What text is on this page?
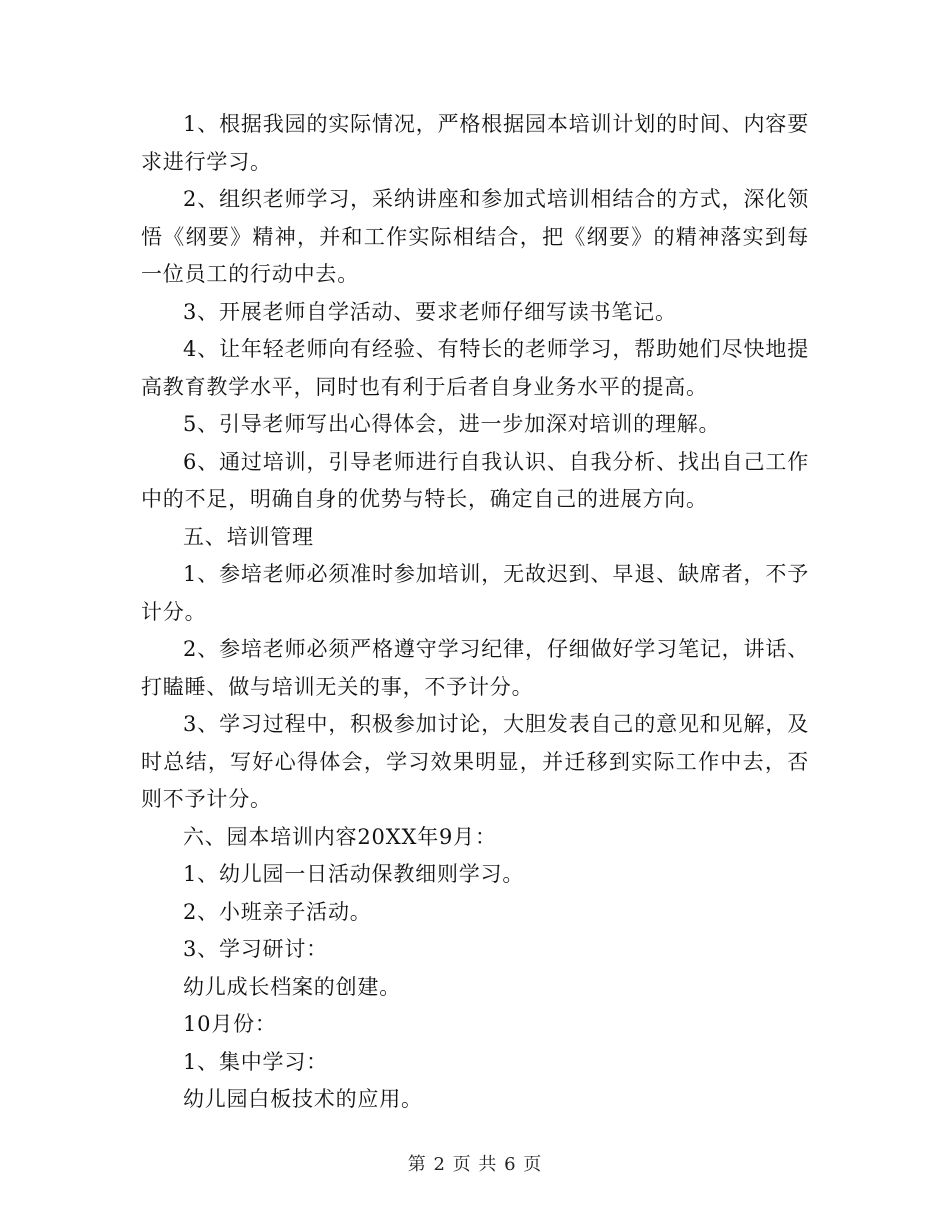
1、根据我园的实际情况，严格根据园本培训计划的时间、内容要求进行学习。

2、组织老师学习，采纳讲座和参加式培训相结合的方式，深化领悟《纲要》精神，并和工作实际相结合，把《纲要》的精神落实到每一位员工的行动中去。

3、开展老师自学活动、要求老师仔细写读书笔记。

4、让年轻老师向有经验、有特长的老师学习，帮助她们尽快地提高教育教学水平，同时也有利于后者自身业务水平的提高。

5、引导老师写出心得体会，进一步加深对培训的理解。

6、通过培训，引导老师进行自我认识、自我分析、找出自己工作中的不足，明确自身的优势与特长，确定自己的进展方向。

五、培训管理

1、参培老师必须准时参加培训，无故迟到、早退、缺席者，不予计分。

2、参培老师必须严格遵守学习纪律，仔细做好学习笔记，讲话、打瞌睡、做与培训无关的事，不予计分。

3、学习过程中，积极参加讨论，大胆发表自己的意见和见解，及时总结，写好心得体会，学习效果明显，并迁移到实际工作中去，否则不予计分。

六、园本培训内容20XX年9月：

1、幼儿园一日活动保教细则学习。

2、小班亲子活动。

3、学习研讨：

幼儿成长档案的创建。

10月份：

1、集中学习：

幼儿园白板技术的应用。

第 2 页 共 6 页
